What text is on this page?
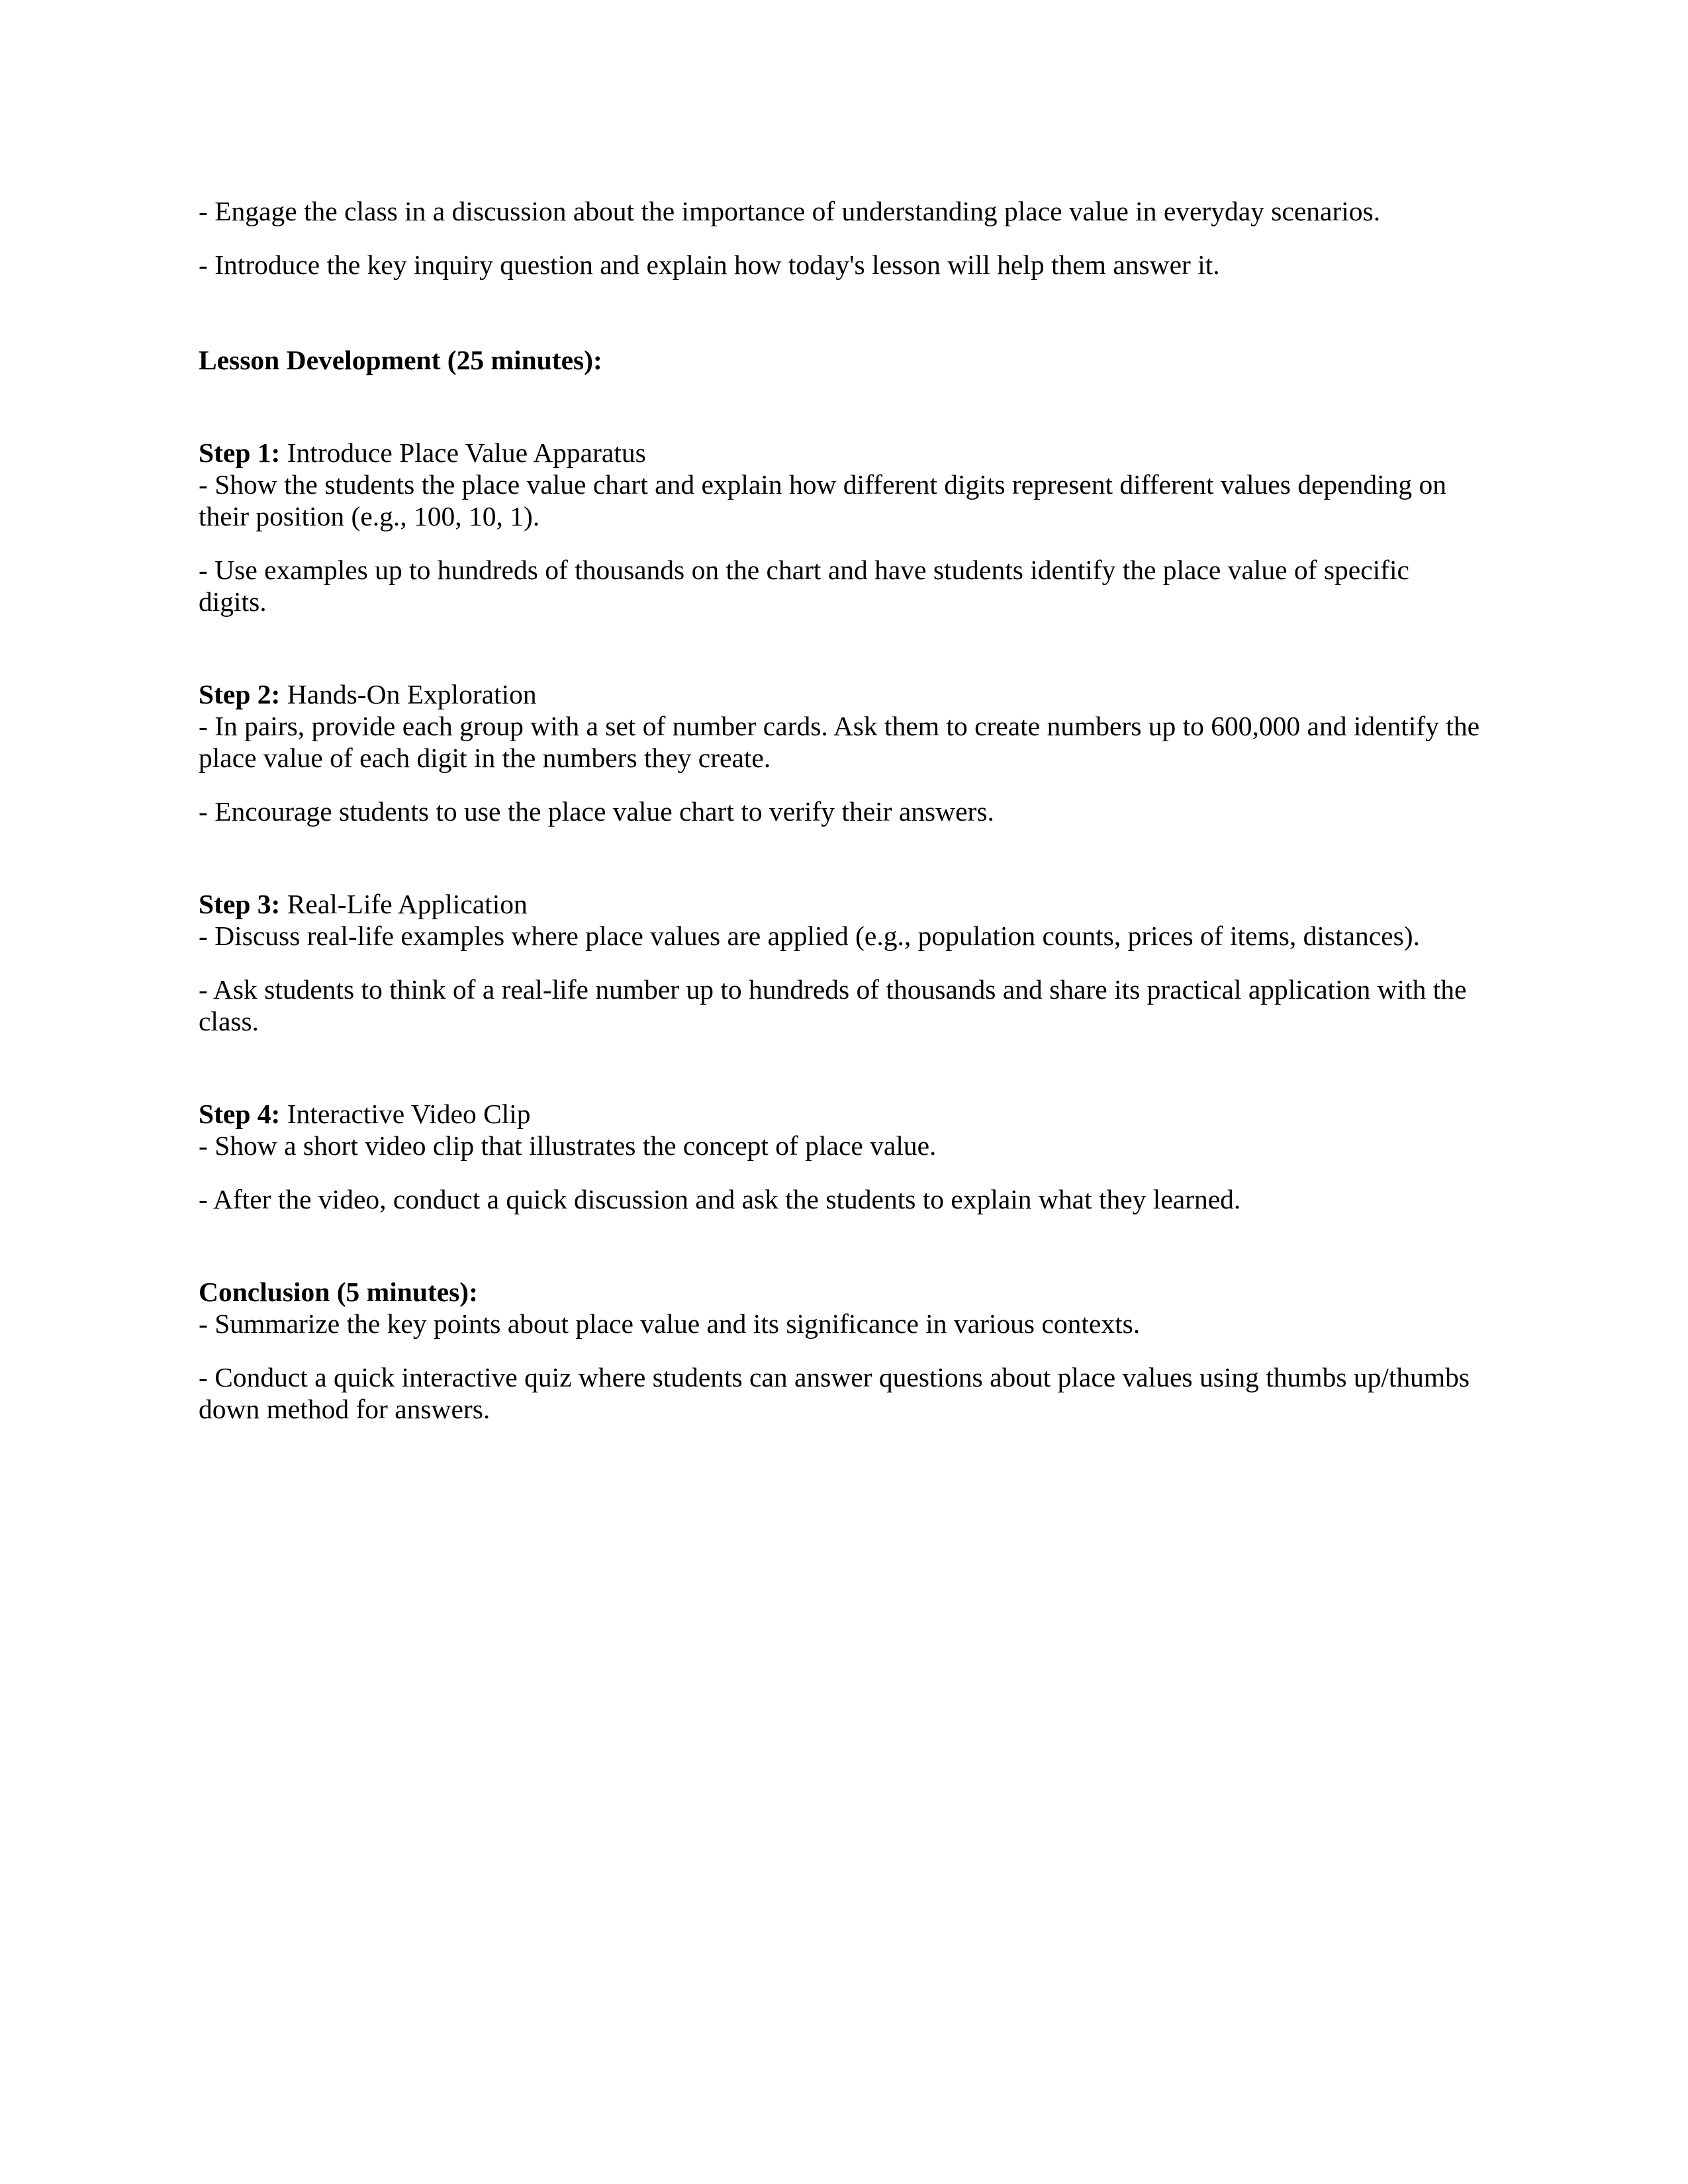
- Engage the class in a discussion about the importance of understanding place value in everyday scenarios.

- Introduce the key inquiry question and explain how today's lesson will help them answer it.

Lesson Development (25 minutes):

Step 1: Introduce Place Value Apparatus

- Show the students the place value chart and explain how different digits represent different values depending on their position (e.g., 100, 10, 1).

- Use examples up to hundreds of thousands on the chart and have students identify the place value of specific digits.

Step 2: Hands-On Exploration

- In pairs, provide each group with a set of number cards. Ask them to create numbers up to 600,000 and identify the place value of each digit in the numbers they create.

- Encourage students to use the place value chart to verify their answers.

Step 3: Real-Life Application

- Discuss real-life examples where place values are applied (e.g., population counts, prices of items, distances).

- Ask students to think of a real-life number up to hundreds of thousands and share its practical application with the class.

Step 4: Interactive Video Clip

- Show a short video clip that illustrates the concept of place value.

- After the video, conduct a quick discussion and ask the students to explain what they learned.

Conclusion (5 minutes):

- Summarize the key points about place value and its significance in various contexts.

- Conduct a quick interactive quiz where students can answer questions about place values using thumbs up/thumbs down method for answers.
